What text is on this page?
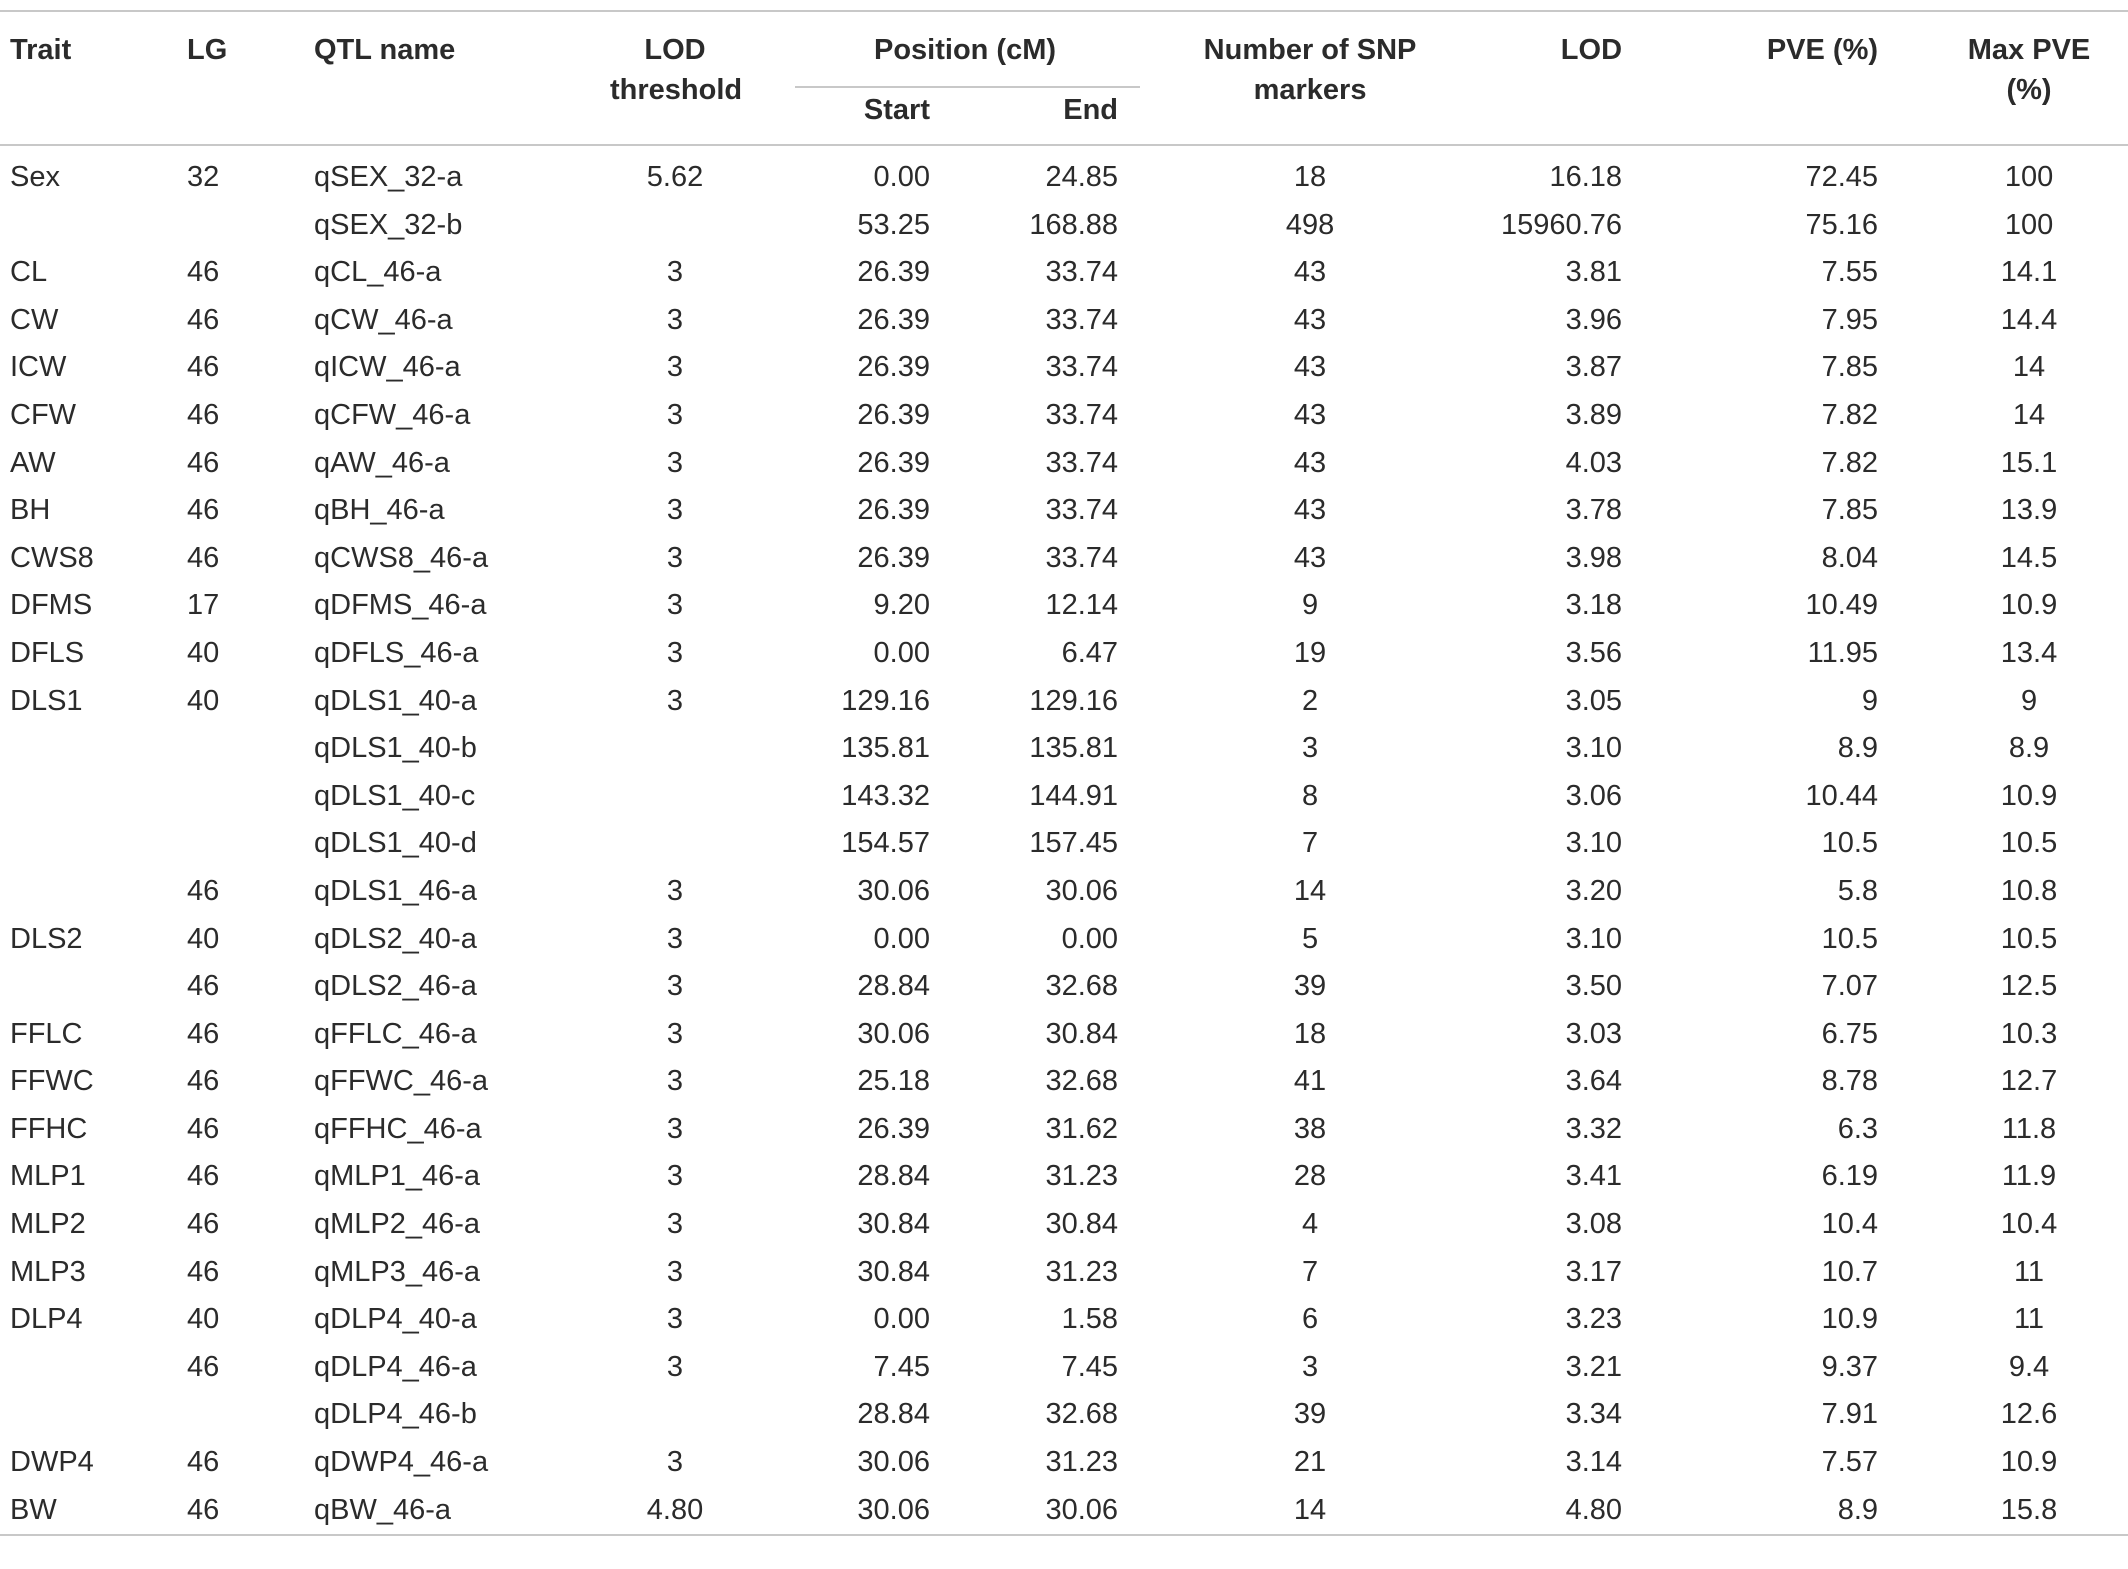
Trait	LG	QTL name	LOD threshold	Position (cM)		Number of SNP markers	LOD	PVE (%)	Max PVE (%)
				Start	End				
Sex	32	qSEX_32-a	5.62	0.00	24.85	18	16.18	72.45	100
		qSEX_32-b		53.25	168.88	498	15960.76	75.16	100
CL	46	qCL_46-a	3	26.39	33.74	43	3.81	7.55	14.1
CW	46	qCW_46-a	3	26.39	33.74	43	3.96	7.95	14.4
ICW	46	qICW_46-a	3	26.39	33.74	43	3.87	7.85	14
CFW	46	qCFW_46-a	3	26.39	33.74	43	3.89	7.82	14
AW	46	qAW_46-a	3	26.39	33.74	43	4.03	7.82	15.1
BH	46	qBH_46-a	3	26.39	33.74	43	3.78	7.85	13.9
CWS8	46	qCWS8_46-a	3	26.39	33.74	43	3.98	8.04	14.5
DFMS	17	qDFMS_46-a	3	9.20	12.14	9	3.18	10.49	10.9
DFLS	40	qDFLS_46-a	3	0.00	6.47	19	3.56	11.95	13.4
DLS1	40	qDLS1_40-a	3	129.16	129.16	2	3.05	9	9
		qDLS1_40-b		135.81	135.81	3	3.10	8.9	8.9
		qDLS1_40-c		143.32	144.91	8	3.06	10.44	10.9
		qDLS1_40-d		154.57	157.45	7	3.10	10.5	10.5
	46	qDLS1_46-a	3	30.06	30.06	14	3.20	5.8	10.8
DLS2	40	qDLS2_40-a	3	0.00	0.00	5	3.10	10.5	10.5
	46	qDLS2_46-a	3	28.84	32.68	39	3.50	7.07	12.5
FFLC	46	qFFLC_46-a	3	30.06	30.84	18	3.03	6.75	10.3
FFWC	46	qFFWC_46-a	3	25.18	32.68	41	3.64	8.78	12.7
FFHC	46	qFFHC_46-a	3	26.39	31.62	38	3.32	6.3	11.8
MLP1	46	qMLP1_46-a	3	28.84	31.23	28	3.41	6.19	11.9
MLP2	46	qMLP2_46-a	3	30.84	30.84	4	3.08	10.4	10.4
MLP3	46	qMLP3_46-a	3	30.84	31.23	7	3.17	10.7	11
DLP4	40	qDLP4_40-a	3	0.00	1.58	6	3.23	10.9	11
	46	qDLP4_46-a	3	7.45	7.45	3	3.21	9.37	9.4
		qDLP4_46-b		28.84	32.68	39	3.34	7.91	12.6
DWP4	46	qDWP4_46-a	3	30.06	31.23	21	3.14	7.57	10.9
BW	46	qBW_46-a	4.80	30.06	30.06	14	4.80	8.9	15.8
